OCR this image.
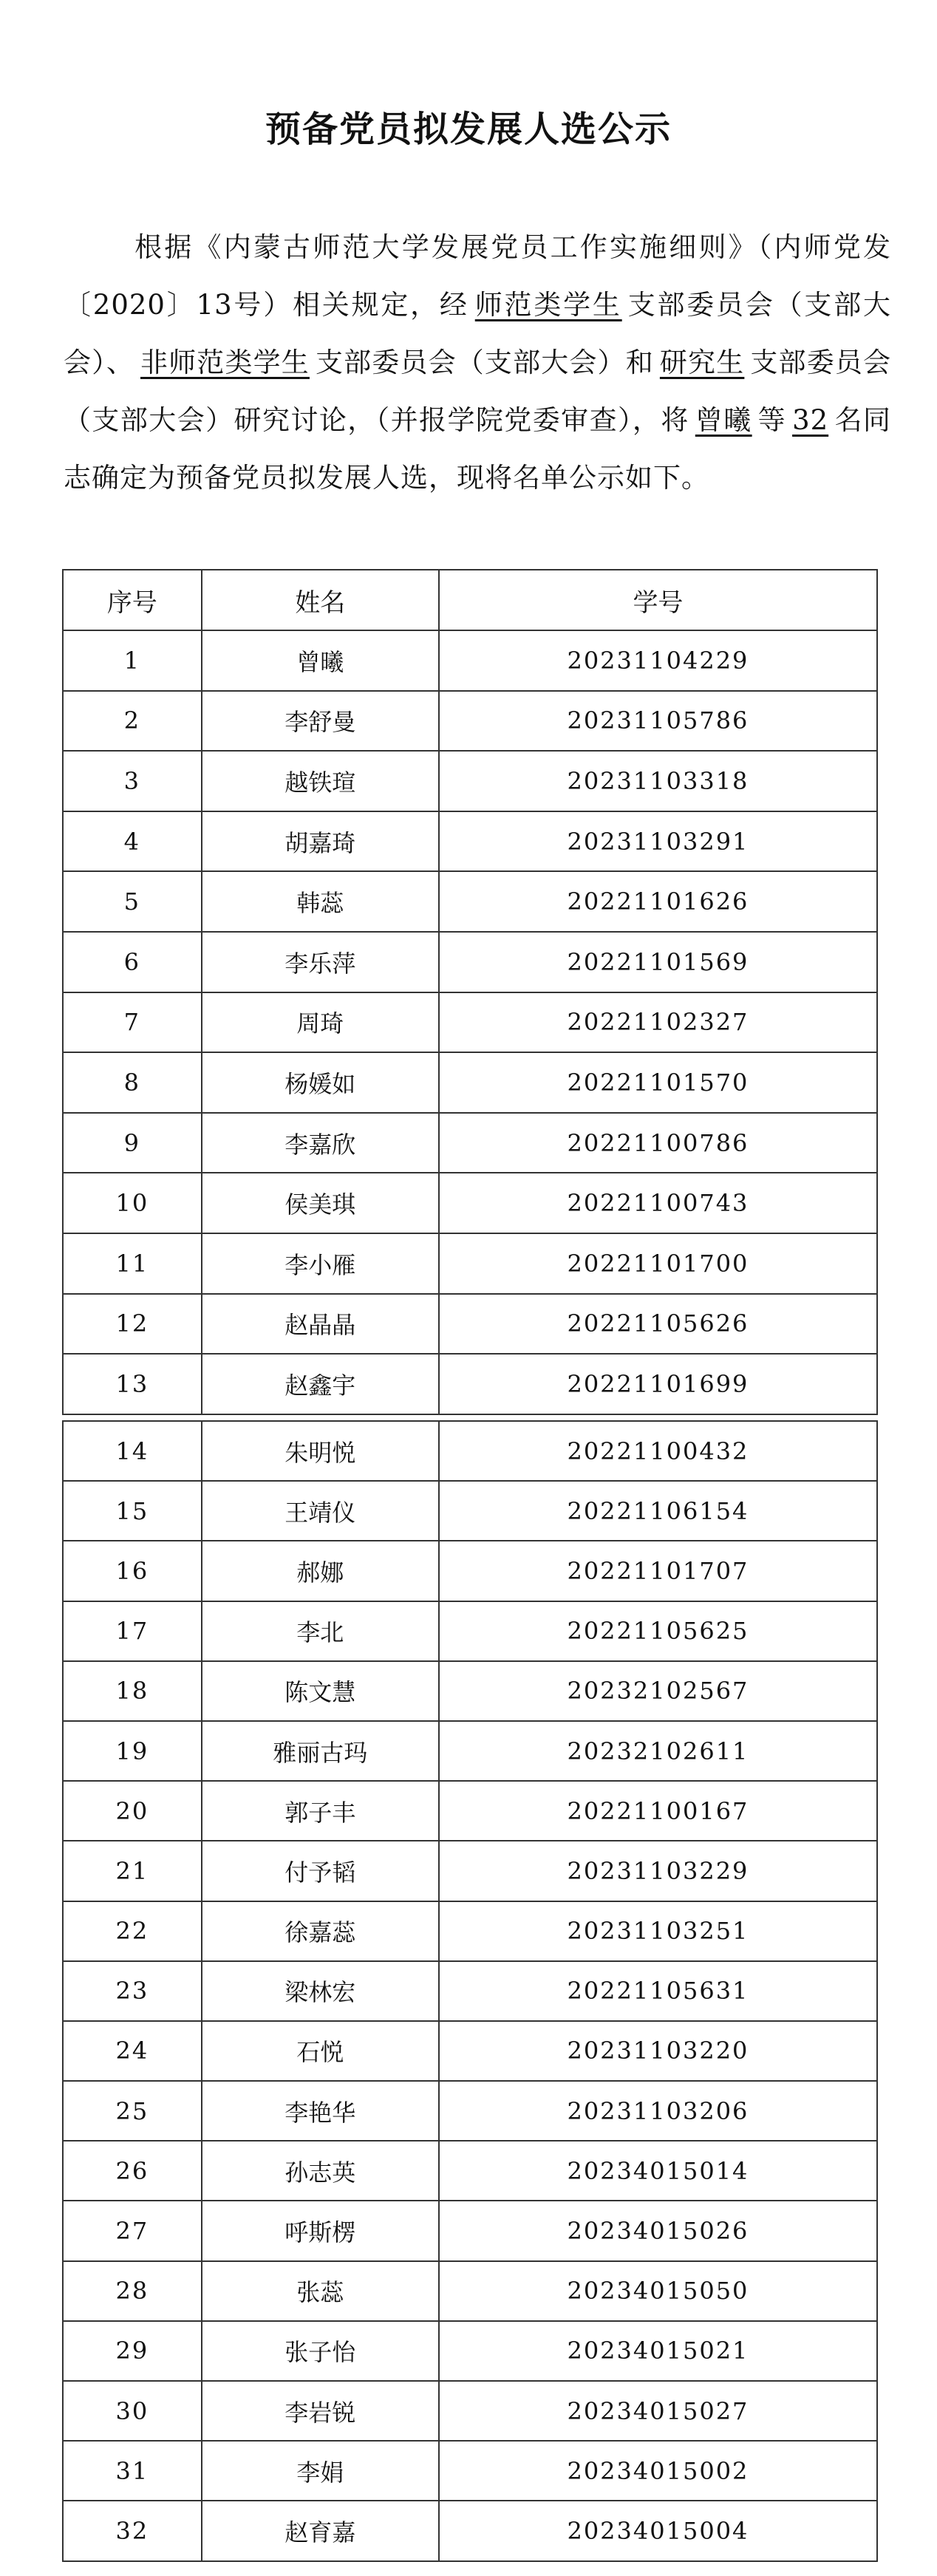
预备党员拟发展人选公示
根据《内蒙古师范大学发展党员工作实施细则》（内师党发〔2020〕13号）相关规定，经 师范类学生 支部委员会（支部大会）、 非师范类学生 支部委员会（支部大会）和 研究生 支部委员会（支部大会）研究讨论，（并报学院党委审查），将 曾曦 等 32 名同志确定为预备党员拟发展人选，现将名单公示如下。
序号	姓名	学号
1	曾曦	20231104229
2	李舒曼	20231105786
3	越铁瑄	20231103318
4	胡嘉琦	20231103291
5	韩蕊	20221101626
6	李乐萍	20221101569
7	周琦	20221102327
8	杨媛如	20221101570
9	李嘉欣	20221100786
10	侯美琪	20221100743
11	李小雁	20221101700
12	赵晶晶	20221105626
13	赵鑫宇	20221101699
14	朱明悦	20221100432
15	王靖仪	20221106154
16	郝娜	20221101707
17	李北	20221105625
18	陈文慧	20232102567
19	雅丽古玛	20232102611
20	郭子丰	20221100167
21	付予韬	20231103229
22	徐嘉蕊	20231103251
23	梁林宏	20221105631
24	石悦	20231103220
25	李艳华	20231103206
26	孙志英	20234015014
27	呼斯楞	20234015026
28	张蕊	20234015050
29	张子怡	20234015021
30	李岩锐	20234015027
31	李娟	20234015002
32	赵育嘉	20234015004
